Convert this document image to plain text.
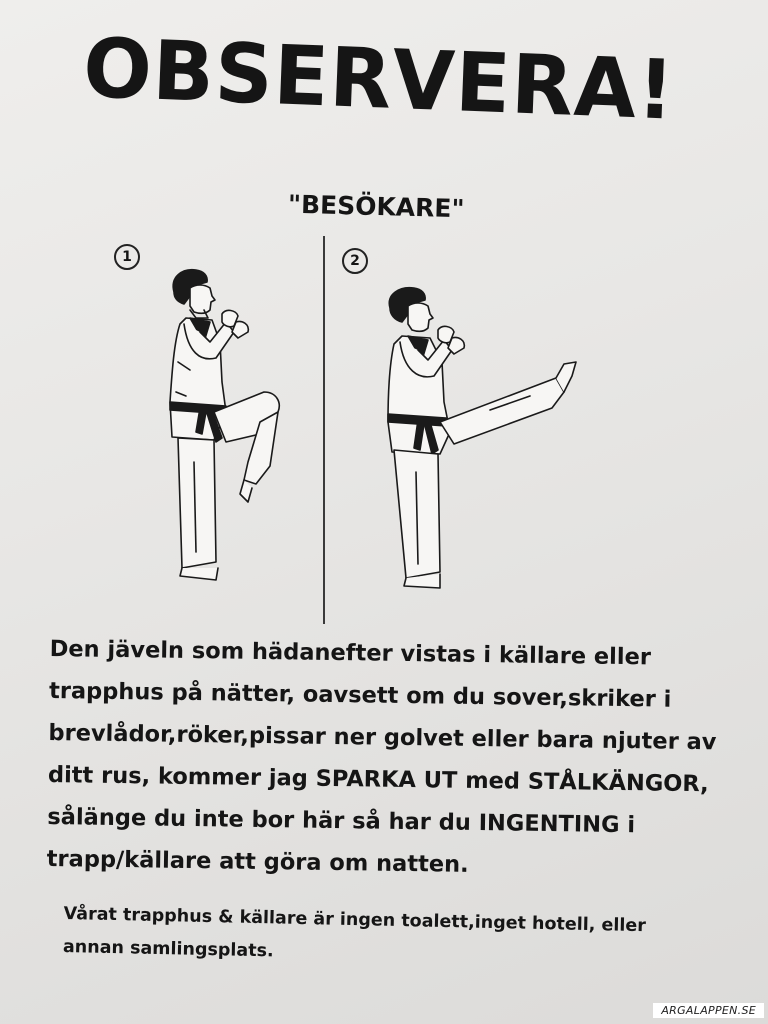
OBSERVERA!
"BESÖKARE"
1	2

Den jäveln som hädanefter vistas i källare eller

trapphus på nätter, oavsett om du sover,skriker i

brevlådor,röker,pissar ner golvet eller bara njuter av

ditt rus, kommer jag SPARKA UT med STÅLKÄNGOR,

sålänge du inte bor här så har du INGENTING i

trapp/källare att göra om natten.

Vårat trapphus & källare är ingen toalett,inget hotell, eller

annan samlingsplats.

ARGALAPPEN.SE
